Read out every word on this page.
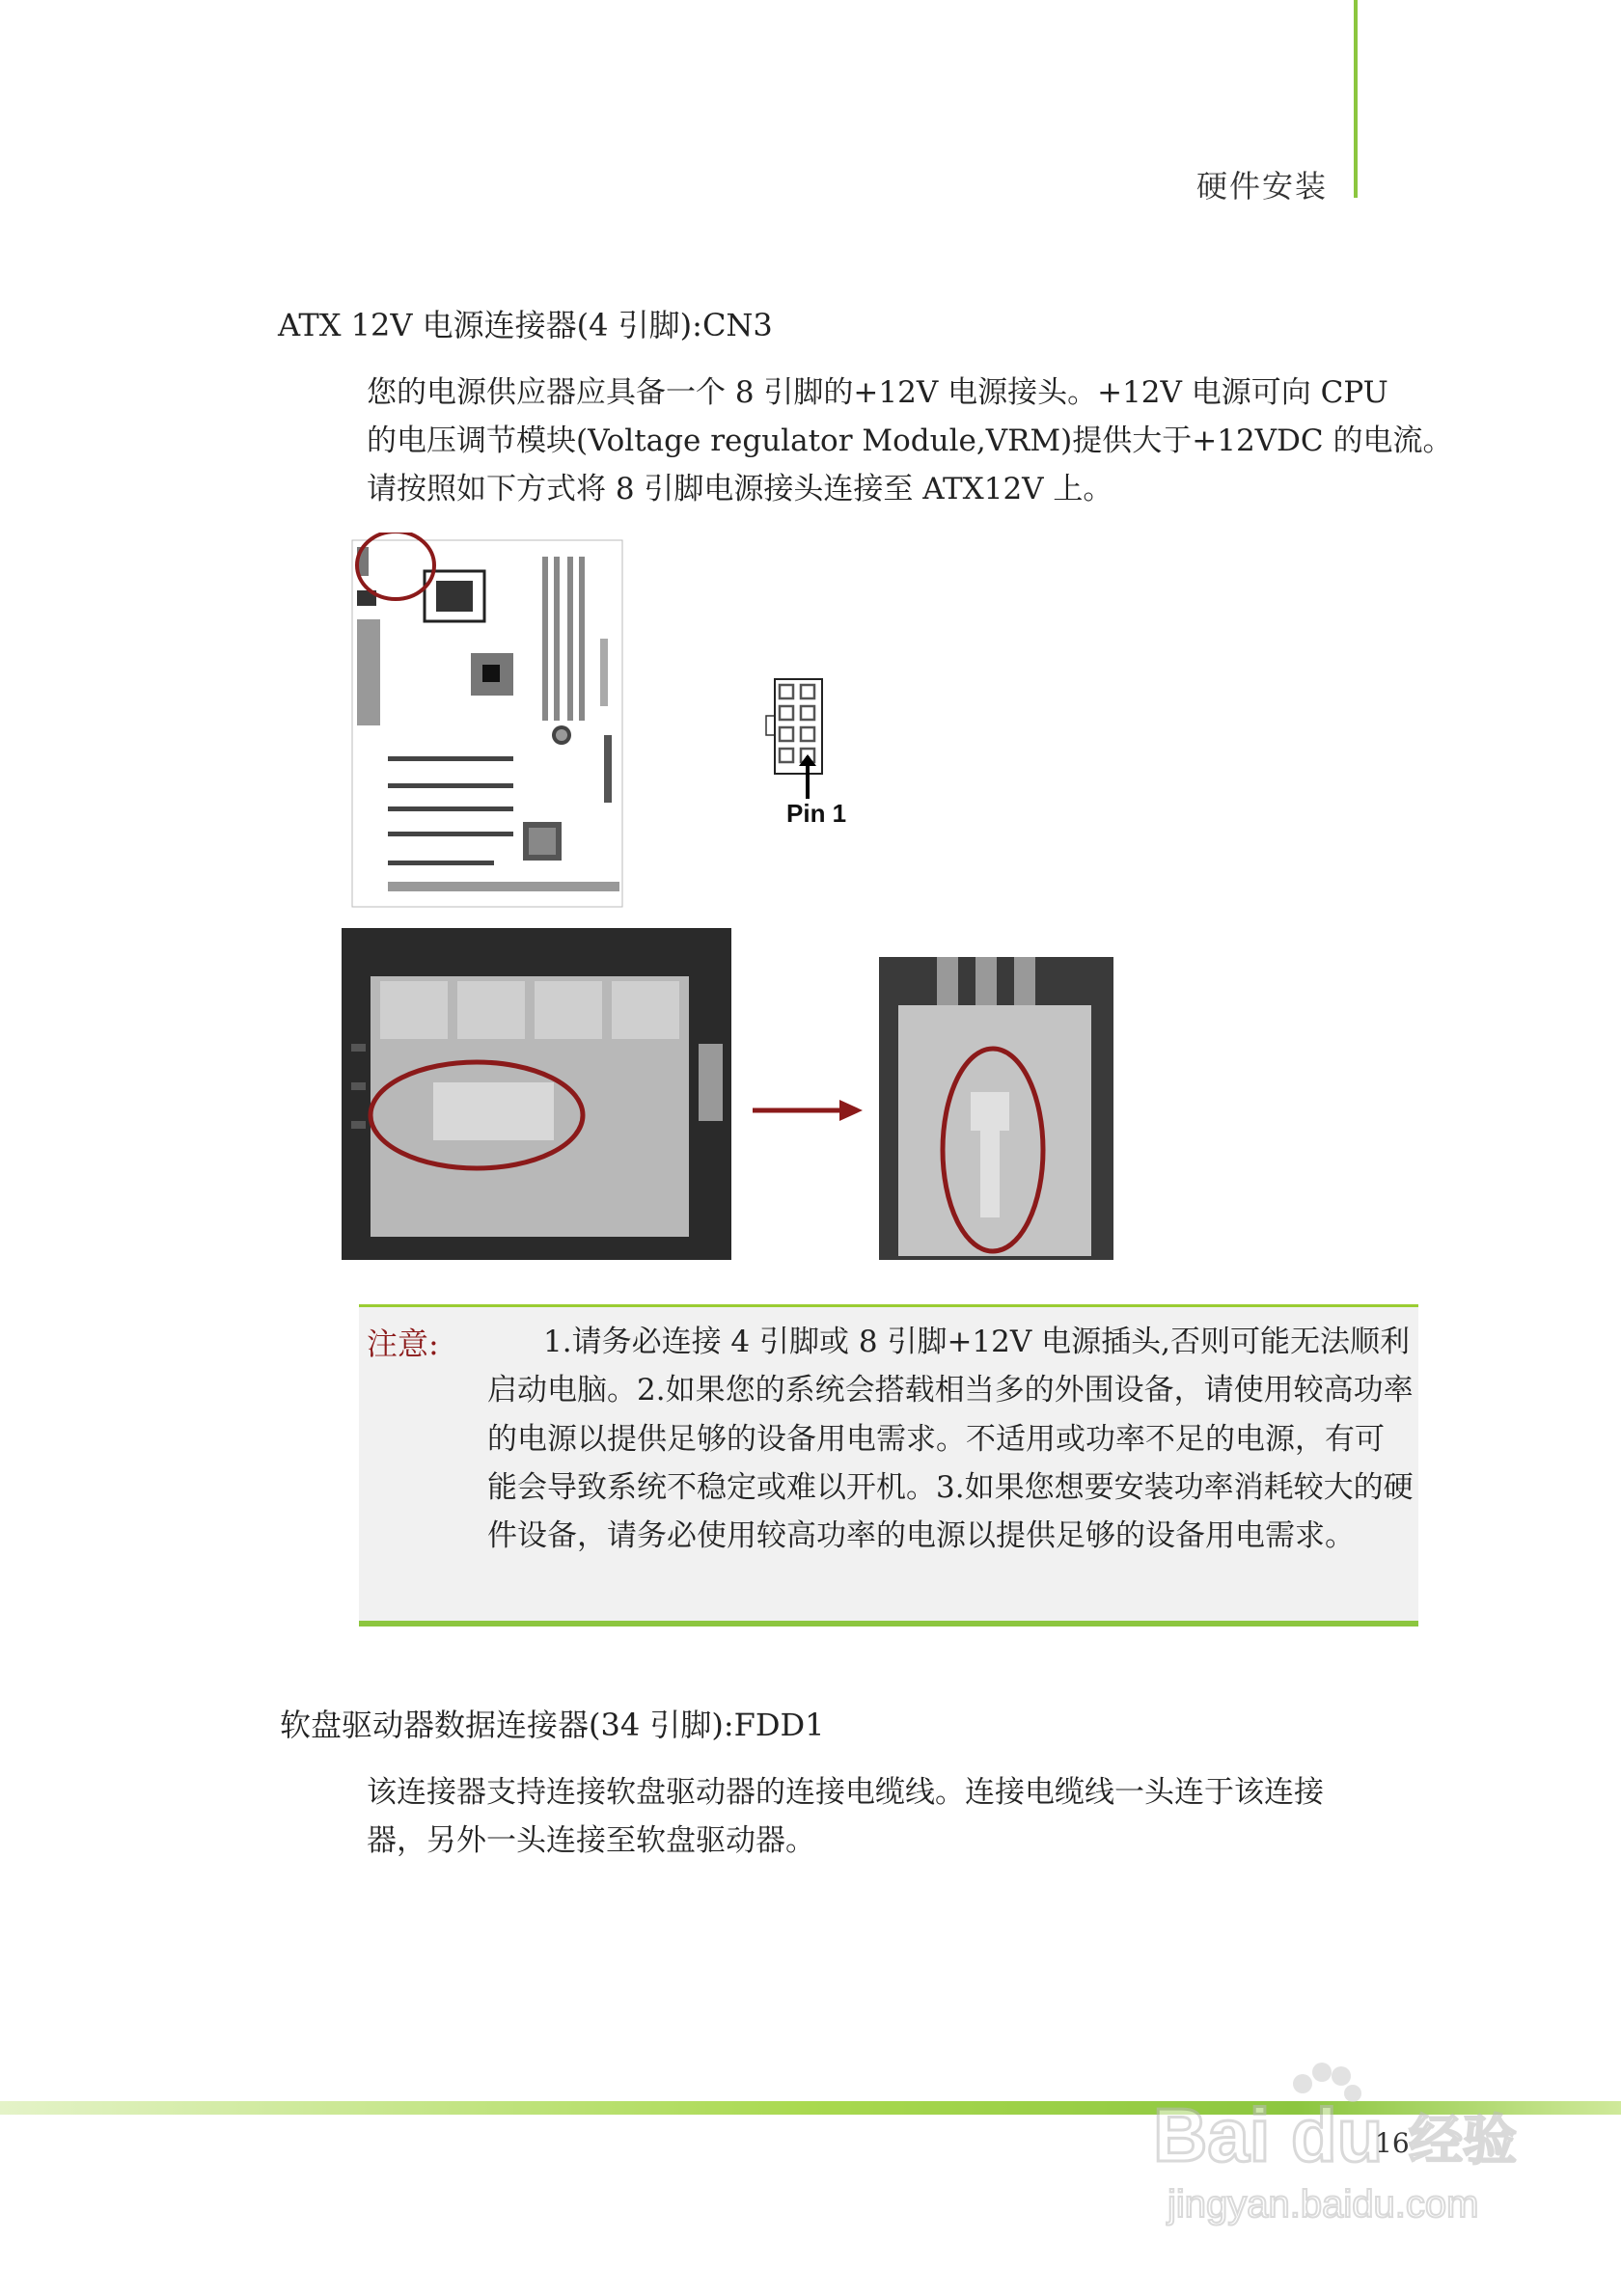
硬件安装
ATX 12V 电源连接器(4 引脚):CN3
您的电源供应器应具备一个 8 引脚的+12V 电源接头。+12V 电源可向 CPU
的电压调节模块(Voltage regulator Module,VRM)提供大于+12VDC 的电流。
请按照如下方式将 8 引脚电源接头连接至 ATX12V 上。
Pin 1
注意:	1.请务必连接 4 引脚或 8 引脚+12V 电源插头,否则可能无法顺利启动电脑。2.如果您的系统会搭载相当多的外围设备，请使用较高功率的电源以提供足够的设备用电需求。不适用或功率不足的电源，有可能会导致系统不稳定或难以开机。3.如果您想要安装功率消耗较大的硬件设备，请务必使用较高功率的电源以提供足够的设备用电需求。
软盘驱动器数据连接器(34 引脚):FDD1
该连接器支持连接软盘驱动器的连接电缆线。连接电缆线一头连于该连接
器，另外一头连接至软盘驱动器。
Bai du 经验
jingyan.baidu.com
16
